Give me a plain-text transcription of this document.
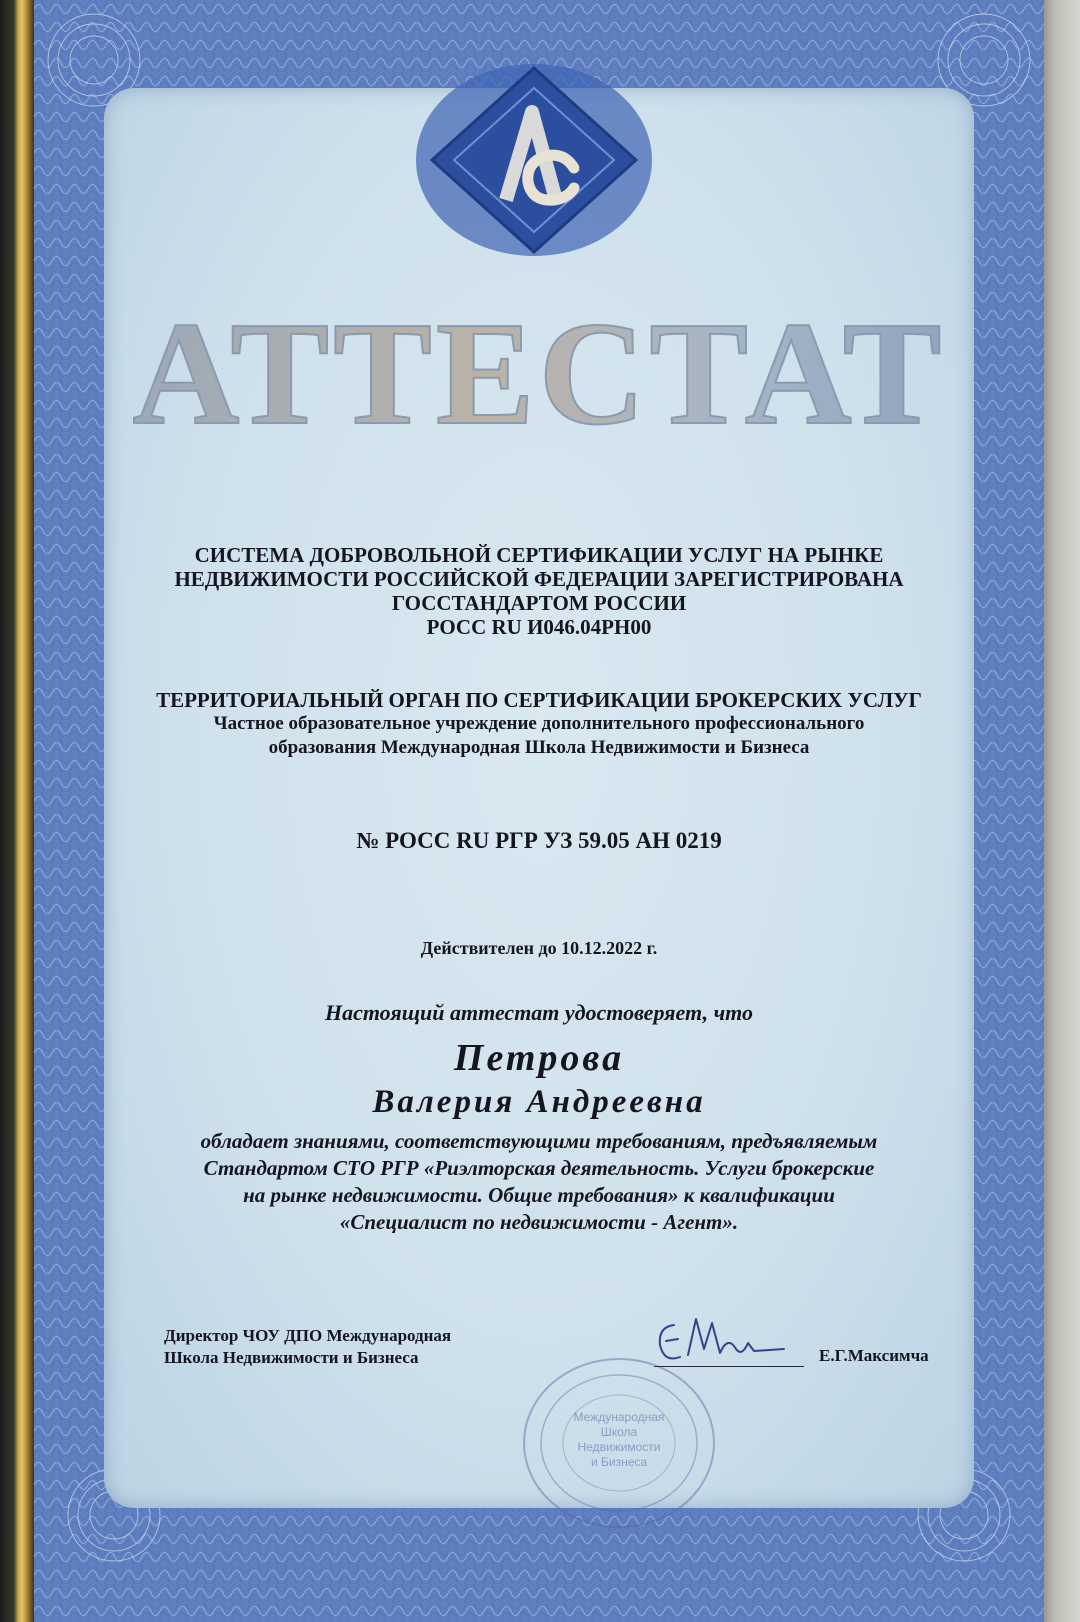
АТТЕСТАТ
СИСТЕМА ДОБРОВОЛЬНОЙ СЕРТИФИКАЦИИ УСЛУГ НА РЫНКЕ
НЕДВИЖИМОСТИ РОССИЙСКОЙ ФЕДЕРАЦИИ ЗАРЕГИСТРИРОВАНА
ГОССТАНДАРТОМ РОССИИ
РОСС RU И046.04РН00
ТЕРРИТОРИАЛЬНЫЙ ОРГАН ПО СЕРТИФИКАЦИИ БРОКЕРСКИХ УСЛУГ
Частное образовательное учреждение дополнительного профессионального
образования Международная Школа Недвижимости и Бизнеса
№ РОСС RU РГР УЗ 59.05 АН 0219
Действителен до 10.12.2022 г.
Настоящий аттестат удостоверяет, что
Петрова
Валерия Андреевна
обладает знаниями, соответствующими требованиям, предъявляемым
Стандартом СТО РГР «Риэлторская деятельность. Услуги брокерские
на рынке недвижимости. Общие требования» к квалификации
«Специалист по недвижимости - Агент».
Директор ЧОУ ДПО Международная
Школа Недвижимости и Бизнеса
Международная
Школа
Недвижимости
и Бизнеса
Е.Г.Максимча
